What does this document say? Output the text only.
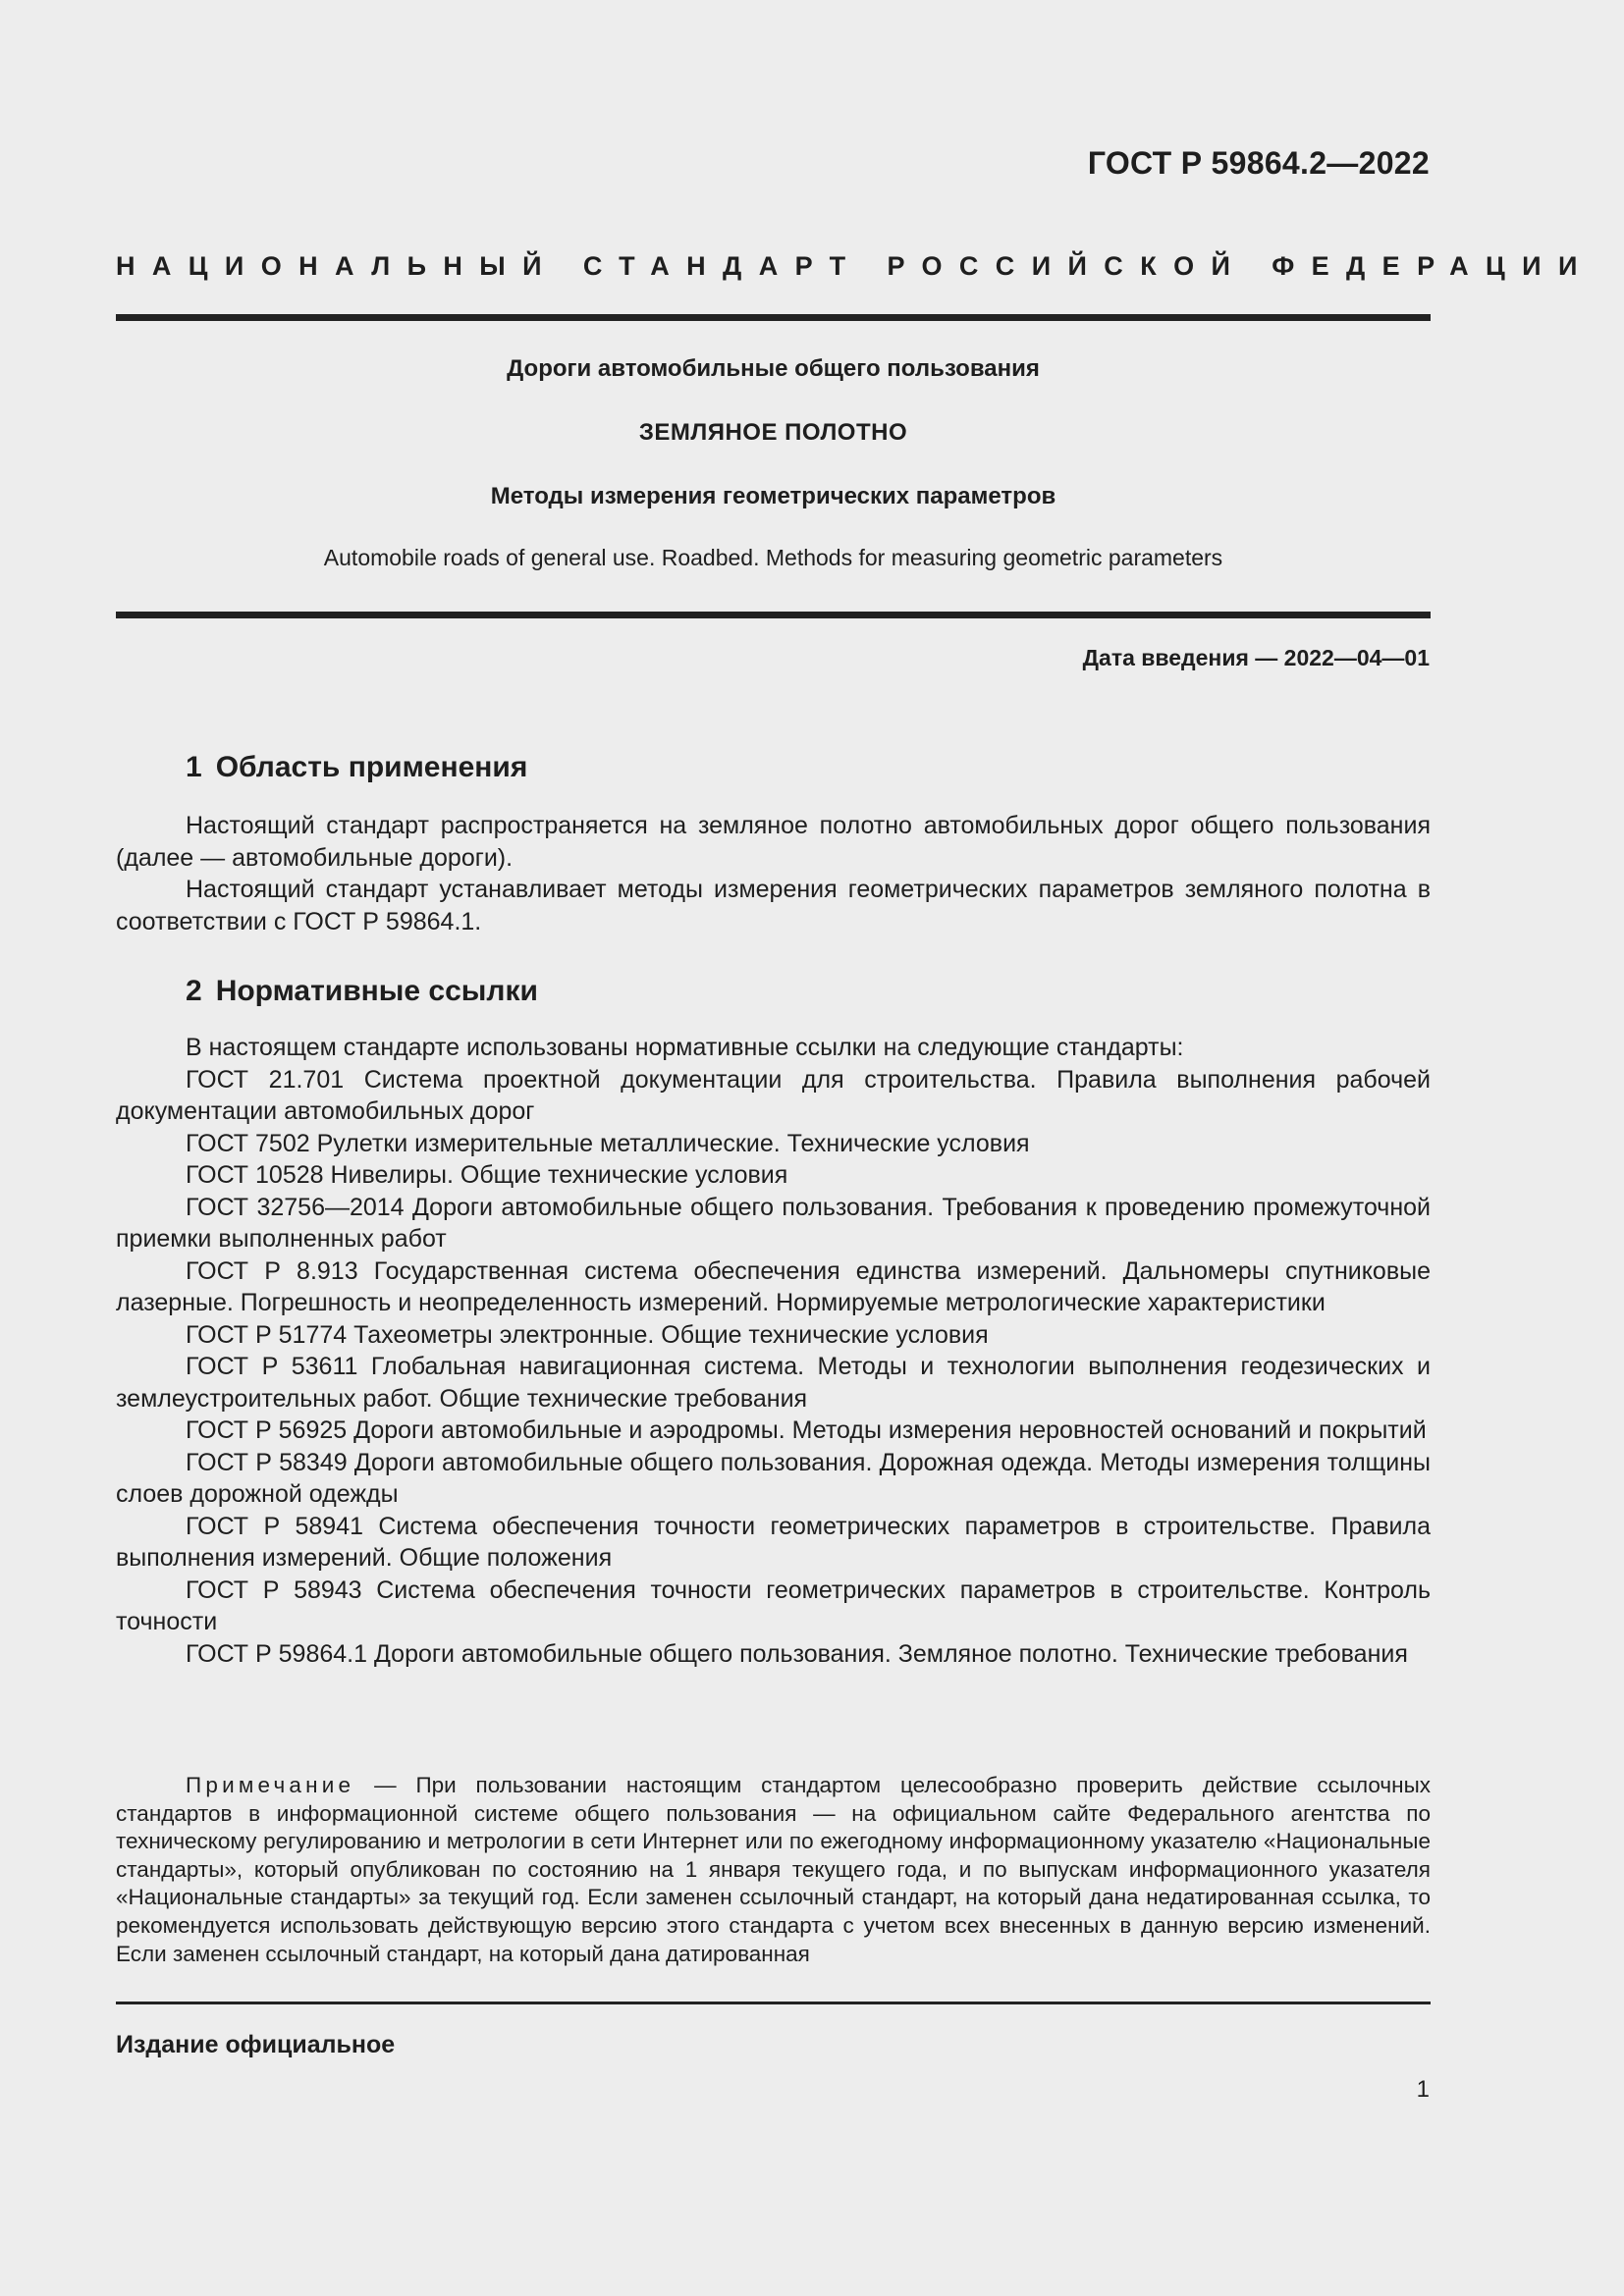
ГОСТ Р 59864.2—2022
НАЦИОНАЛЬНЫЙ СТАНДАРТ РОССИЙСКОЙ ФЕДЕРАЦИИ
Дороги автомобильные общего пользования
ЗЕМЛЯНОЕ ПОЛОТНО
Методы измерения геометрических параметров
Automobile roads of general use. Roadbed. Methods for measuring geometric parameters
Дата введения — 2022—04—01
1 Область применения

Настоящий стандарт распространяется на земляное полотно автомобильных дорог общего пользования (далее — автомобильные дороги).

Настоящий стандарт устанавливает методы измерения геометрических параметров земляного полотна в соответствии с ГОСТ Р 59864.1.

2 Нормативные ссылки

В настоящем стандарте использованы нормативные ссылки на следующие стандарты:

ГОСТ 21.701 Система проектной документации для строительства. Правила выполнения рабочей документации автомобильных дорог

ГОСТ 7502 Рулетки измерительные металлические. Технические условия

ГОСТ 10528 Нивелиры. Общие технические условия

ГОСТ 32756—2014 Дороги автомобильные общего пользования. Требования к проведению промежуточной приемки выполненных работ

ГОСТ Р 8.913 Государственная система обеспечения единства измерений. Дальномеры спутниковые лазерные. Погрешность и неопределенность измерений. Нормируемые метрологические характеристики

ГОСТ Р 51774 Тахеометры электронные. Общие технические условия

ГОСТ Р 53611 Глобальная навигационная система. Методы и технологии выполнения геодезических и землеустроительных работ. Общие технические требования

ГОСТ Р 56925 Дороги автомобильные и аэродромы. Методы измерения неровностей оснований и покрытий

ГОСТ Р 58349 Дороги автомобильные общего пользования. Дорожная одежда. Методы измерения толщины слоев дорожной одежды

ГОСТ Р 58941 Система обеспечения точности геометрических параметров в строительстве. Правила выполнения измерений. Общие положения

ГОСТ Р 58943 Система обеспечения точности геометрических параметров в строительстве. Контроль точности

ГОСТ Р 59864.1 Дороги автомобильные общего пользования. Земляное полотно. Технические требования

Примечание — При пользовании настоящим стандартом целесообразно проверить действие ссылочных стандартов в информационной системе общего пользования — на официальном сайте Федерального агентства по техническому регулированию и метрологии в сети Интернет или по ежегодному информационному указателю «Национальные стандарты», который опубликован по состоянию на 1 января текущего года, и по выпускам информационного указателя «Национальные стандарты» за текущий год. Если заменен ссылочный стандарт, на который дана недатированная ссылка, то рекомендуется использовать действующую версию этого стандарта с учетом всех внесенных в данную версию изменений. Если заменен ссылочный стандарт, на который дана датированная

Издание официальное
1
